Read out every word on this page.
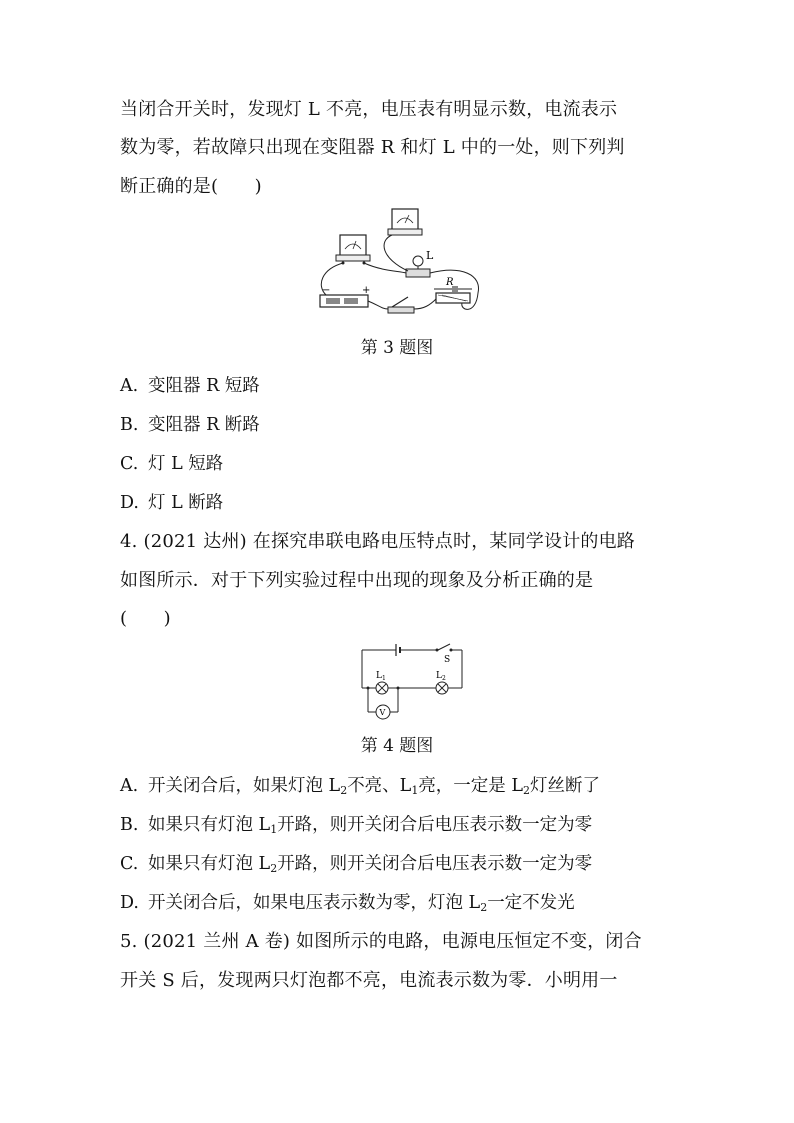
当闭合开关时，发现灯 L 不亮，电压表有明显示数，电流表示
数为零，若故障只出现在变阻器 R 和灯 L 中的一处，则下列判
断正确的是(　　)
L
−	+
R
第 3 题图
A. 变阻器 R 短路
B. 变阻器 R 断路
C. 灯 L 短路
D. 灯 L 断路
4. (2021 达州) 在探究串联电路电压特点时，某同学设计的电路
如图所示．对于下列实验过程中出现的现象及分析正确的是
(　　)
S
$L_1$	$L_2$
V
第 4 题图
A. 开关闭合后，如果灯泡 $L_2$不亮、$L_1$亮，一定是 $L_2$灯丝断了
B. 如果只有灯泡 $L_1$开路，则开关闭合后电压表示数一定为零
C. 如果只有灯泡 $L_2$开路，则开关闭合后电压表示数一定为零
D. 开关闭合后，如果电压表示数为零，灯泡 $L_2$一定不发光
5. (2021 兰州 A 卷) 如图所示的电路，电源电压恒定不变，闭合
开关 S 后，发现两只灯泡都不亮，电流表示数为零．小明用一
